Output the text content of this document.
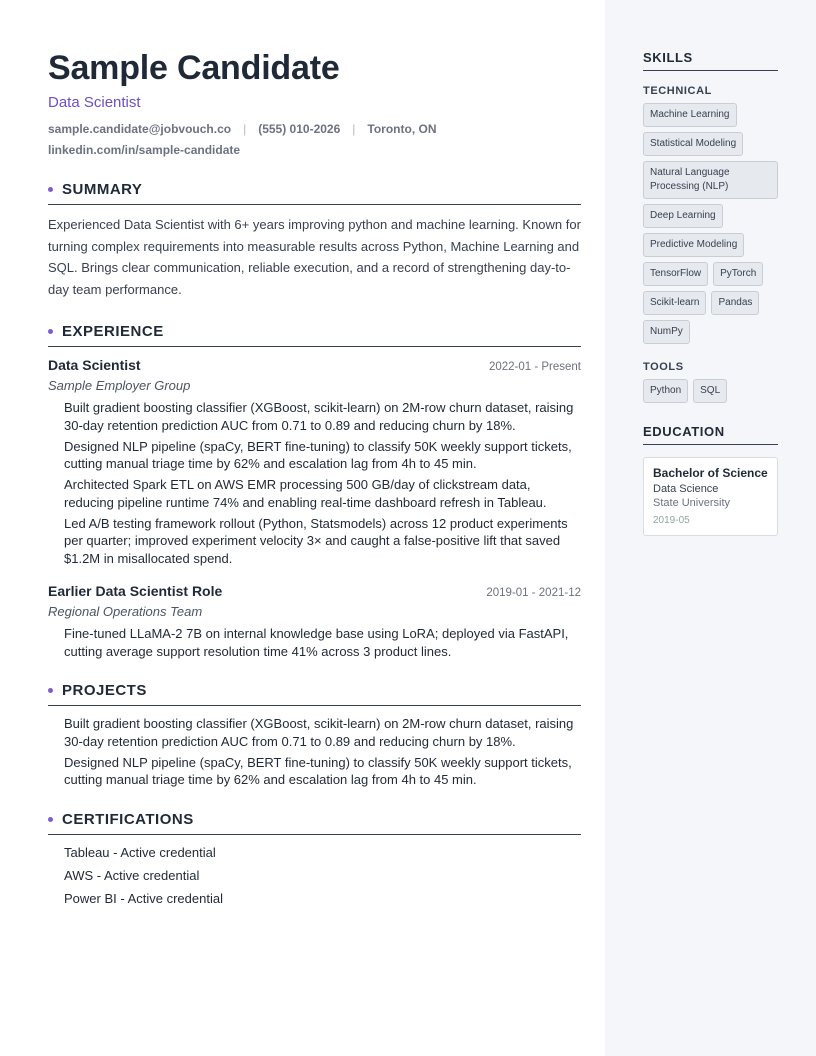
Sample Candidate
Data Scientist
sample.candidate@jobvouch.co | (555) 010-2026 | Toronto, ON
linkedin.com/in/sample-candidate
SUMMARY
Experienced Data Scientist with 6+ years improving python and machine learning. Known for turning complex requirements into measurable results across Python, Machine Learning and SQL. Brings clear communication, reliable execution, and a record of strengthening day-to-day team performance.
EXPERIENCE
Data Scientist	2022-01 - Present
Sample Employer Group
Built gradient boosting classifier (XGBoost, scikit-learn) on 2M-row churn dataset, raising 30-day retention prediction AUC from 0.71 to 0.89 and reducing churn by 18%.
Designed NLP pipeline (spaCy, BERT fine-tuning) to classify 50K weekly support tickets, cutting manual triage time by 62% and escalation lag from 4h to 45 min.
Architected Spark ETL on AWS EMR processing 500 GB/day of clickstream data, reducing pipeline runtime 74% and enabling real-time dashboard refresh in Tableau.
Led A/B testing framework rollout (Python, Statsmodels) across 12 product experiments per quarter; improved experiment velocity 3× and caught a false-positive lift that saved $1.2M in misallocated spend.
Earlier Data Scientist Role	2019-01 - 2021-12
Regional Operations Team
Fine-tuned LLaMA-2 7B on internal knowledge base using LoRA; deployed via FastAPI, cutting average support resolution time 41% across 3 product lines.
PROJECTS
Built gradient boosting classifier (XGBoost, scikit-learn) on 2M-row churn dataset, raising 30-day retention prediction AUC from 0.71 to 0.89 and reducing churn by 18%.
Designed NLP pipeline (spaCy, BERT fine-tuning) to classify 50K weekly support tickets, cutting manual triage time by 62% and escalation lag from 4h to 45 min.
CERTIFICATIONS
Tableau - Active credential
AWS - Active credential
Power BI - Active credential
SKILLS
TECHNICAL
Machine Learning
Statistical Modeling
Natural Language Processing (NLP)
Deep Learning
Predictive Modeling
TensorFlow	PyTorch
Scikit-learn	Pandas
NumPy
TOOLS
Python	SQL
EDUCATION
Bachelor of Science
Data Science
State University
2019-05
